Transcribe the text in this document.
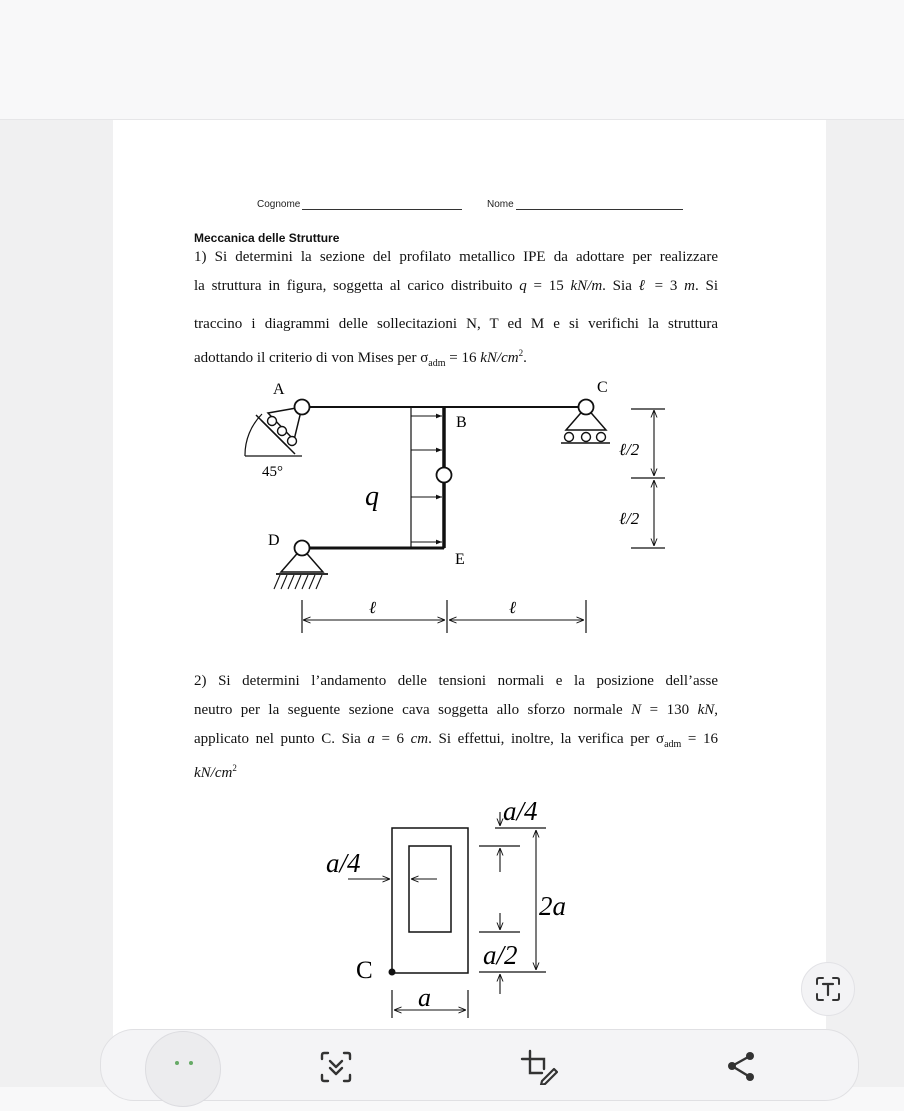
Cognome	Nome
Meccanica delle Strutture
1) Si determini la sezione del profilato metallico IPE da adottare per realizzare
la struttura in figura, soggetta al carico distribuito q = 15 kN/m. Sia ℓ = 3 m. Si
traccino i diagrammi delle sollecitazioni N, T ed M e si verifichi la struttura
adottando il criterio di von Mises per $\sigma_{adm} = 16$ $kN/cm^2$.
A
B
C
D
E
45°
q
ℓ/2
ℓ/2
ℓ	ℓ
a/4
a/4
2a
a/2
C
a
2) Si determini l’andamento delle tensioni normali e la posizione dell’asse
neutro per la seguente sezione cava soggetta allo sforzo normale N = 130 kN,
applicato nel punto C. Sia a = 6 cm. Si effettui, inoltre, la verifica per $\sigma_{adm} = 16$
$kN/cm^2$
